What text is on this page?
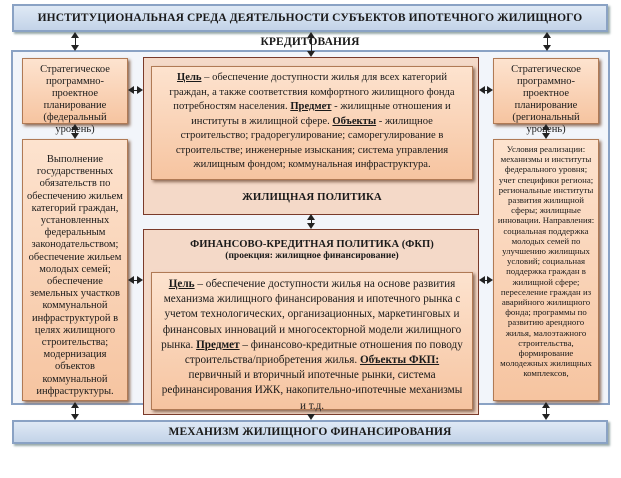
ИНСТИТУЦИОНАЛЬНАЯ СРЕДА ДЕЯТЕЛЬНОСТИ СУБЪЕКТОВ ИПОТЕЧНОГО ЖИЛИЩНОГО КРЕДИТОВАНИЯ
Стратегическое программно-проектное планирование (федеральный уровень)
Выполнение государственных обязательств по обеспечению жильем категорий граждан, установленных федеральным законодательством; обеспечение жильем молодых семей; обеспечение земельных участков коммунальной инфраструктурой в целях жилищного строительства; модернизация объектов коммунальной инфраструктуры.
Стратегическое программно-проектное планирование (региональный уровень)
Условия реализации: механизмы и институты федерального уровня; учет специфики региона; региональные институты развития жилищной сферы; жилищные инновации. Направления: социальная поддержка молодых семей по улучшению жилищных условий; социальная поддержка граждан в жилищной сфере; переселение граждан из аварийного жилищного фонда; программы по развитию арендного жилья, малоэтажного строительства, формирование молодежных жилищных комплексов,
Цель – обеспечение доступности жилья для всех категорий граждан, а также соответствия комфортного жилищного фонда потребностям населения. Предмет - жилищные отношения и институты в жилищной сфере. Объекты - жилищное строительство; градорегулирование; саморегулирование в строительстве; инженерные изыскания; система управления жилищным фондом; коммунальная инфраструктура.
ЖИЛИЩНАЯ ПОЛИТИКА
ФИНАНСОВО-КРЕДИТНАЯ ПОЛИТИКА (ФКП)
(проекция: жилищное финансирование)
Цель – обеспечение доступности жилья на основе развития механизма жилищного финансирования и ипотечного рынка с учетом технологических, организационных, маркетинговых и финансовых инноваций и многосекторной модели жилищного рынка. Предмет – финансово-кредитные отношения по поводу строительства/приобретения жилья. Объекты ФКП: первичный и вторичный ипотечные рынки, система рефинансирования ИЖК, накопительно-ипотечные механизмы и т.д.
МЕХАНИЗМ ЖИЛИЩНОГО ФИНАНСИРОВАНИЯ
